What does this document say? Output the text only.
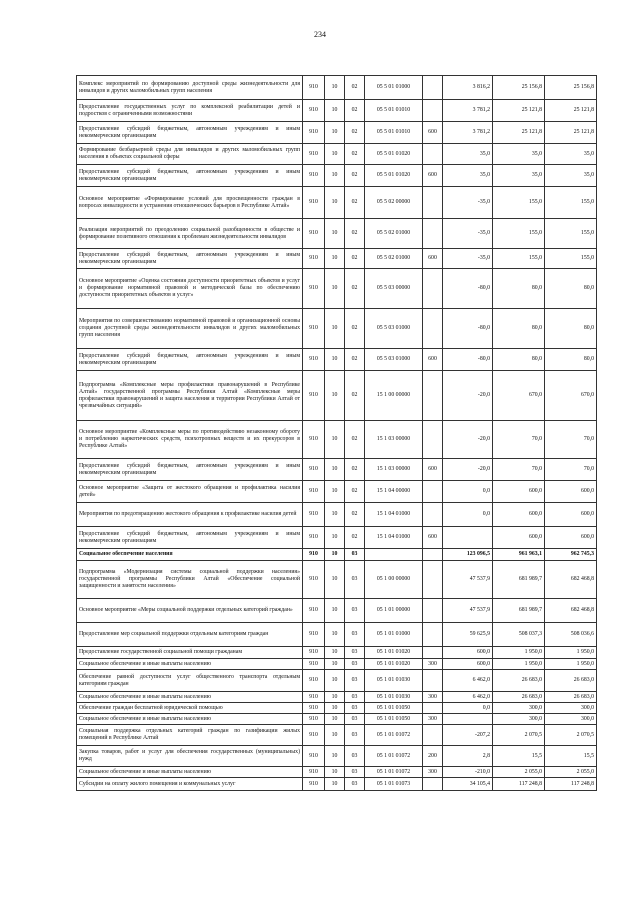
234
Комплекс мероприятий по формированию доступной среды жизнедеятельности для инвалидов и других маломобильных групп населения	910	10	02	05 5 01 01000		3 816,2	25 156,8	25 156,8
Предоставление государственных услуг по комплексной реабилитации детей и подростков с ограниченными возможностями	910	10	02	05 5 01 01010		3 781,2	25 121,8	25 121,8
Предоставление субсидий бюджетным, автономным учреждениям и иным некоммерческим организациям	910	10	02	05 5 01 01010	600	3 781,2	25 121,8	25 121,8
Формирование безбарьерной среды для инвалидов и других маломобильных групп населения в объектах социальной сферы	910	10	02	05 5 01 01020		35,0	35,0	35,0
Предоставление субсидий бюджетным, автономным учреждениям и иным некоммерческим организациям	910	10	02	05 5 01 01020	600	35,0	35,0	35,0
Основное мероприятие «Формирование условий для просвещенности граждан в вопросах инвалидности и устранения отношенческих барьеров в Республике Алтай»	910	10	02	05 5 02 00000		-35,0	155,0	155,0
Реализация мероприятий по преодолению социальной разобщенности в обществе и формирование позитивного отношения к проблемам жизнедеятельности инвалидов	910	10	02	05 5 02 01000		-35,0	155,0	155,0
Предоставление субсидий бюджетным, автономным учреждениям и иным некоммерческим организациям	910	10	02	05 5 02 01000	600	-35,0	155,0	155,0
Основное мероприятие «Оценка состояния доступности приоритетных объектов и услуг и формирование нормативной правовой и методической базы по обеспечению доступности приоритетных объектов и услуг»	910	10	02	05 5 03 00000		-80,0	80,0	80,0
Мероприятия по совершенствованию нормативной правовой и организационной основы создания доступной среды жизнедеятельности инвалидов и других маломобильных групп населения	910	10	02	05 5 03 01000		-80,0	80,0	80,0
Предоставление субсидий бюджетным, автономным учреждениям и иным некоммерческим организациям	910	10	02	05 5 03 01000	600	-80,0	80,0	80,0
Подпрограмма «Комплексные меры профилактики правонарушений в Республике Алтай» государственной программы Республики Алтай «Комплексные меры профилактики правонарушений и защита населения и территории Республики Алтай от чрезвычайных ситуаций»	910	10	02	15 1 00 00000		-20,0	670,0	670,0
Основное мероприятие «Комплексные меры по противодействию незаконному обороту и потреблению наркотических средств, психотропных веществ и их прекурсоров в Республике Алтай»	910	10	02	15 1 03 00000		-20,0	70,0	70,0
Предоставление субсидий бюджетным, автономным учреждениям и иным некоммерческим организациям	910	10	02	15 1 03 00000	600	-20,0	70,0	70,0
Основное мероприятие «Защита от жестокого обращения и профилактика насилия детей»	910	10	02	15 1 04 00000		0,0	600,0	600,0
Мероприятия по предотвращению жестокого обращения к профилактике насилия детей	910	10	02	15 1 04 01000		0,0	600,0	600,0
Предоставление субсидий бюджетным, автономным учреждениям и иным некоммерческим организациям	910	10	02	15 1 04 01000	600		600,0	600,0
Социальное обеспечение населения	910	10	03			123 096,5	961 963,1	962 745,3
Подпрограмма «Модернизация системы социальной поддержки населения» государственной программы Республики Алтай «Обеспечение социальной защищенности и занятости населения»	910	10	03	05 1 00 00000		47 537,9	681 989,7	682 468,8
Основное мероприятие «Меры социальной поддержки отдельных категорий граждан»	910	10	03	05 1 01 00000		47 537,9	681 989,7	682 468,8
Предоставление мер социальной поддержки отдельным категориям граждан	910	10	03	05 1 01 01000		59 625,9	508 037,3	508 036,6
Предоставление государственной социальной помощи гражданам	910	10	03	05 1 01 01020		600,0	1 950,0	1 950,0
Социальное обеспечение и иные выплаты населению	910	10	03	05 1 01 01020	300	600,0	1 950,0	1 950,0
Обеспечение равной доступности услуг общественного транспорта отдельным категориям граждан	910	10	03	05 1 01 01030		6 462,0	26 683,0	26 683,0
Социальное обеспечение и иные выплаты населению	910	10	03	05 1 01 01030	300	6 462,0	26 683,0	26 683,0
Обеспечение граждан бесплатной юридической помощью	910	10	03	05 1 01 01050		0,0	300,0	300,0
Социальное обеспечение и иные выплаты населению	910	10	03	05 1 01 01050	300		300,0	300,0
Социальная поддержка отдельных категорий граждан по газификации жилых помещений в Республике Алтай	910	10	03	05 1 01 01072		-207,2	2 070,5	2 070,5
Закупка товаров, работ и услуг для обеспечения государственных (муниципальных) нужд	910	10	03	05 1 01 01072	200	2,8	15,5	15,5
Социальное обеспечение и иные выплаты населению	910	10	03	05 1 01 01072	300	-210,0	2 055,0	2 055,0
Субсидии на оплату жилого помещения и коммунальных услуг	910	10	03	05 1 01 01073		34 105,4	117 248,8	117 248,8
